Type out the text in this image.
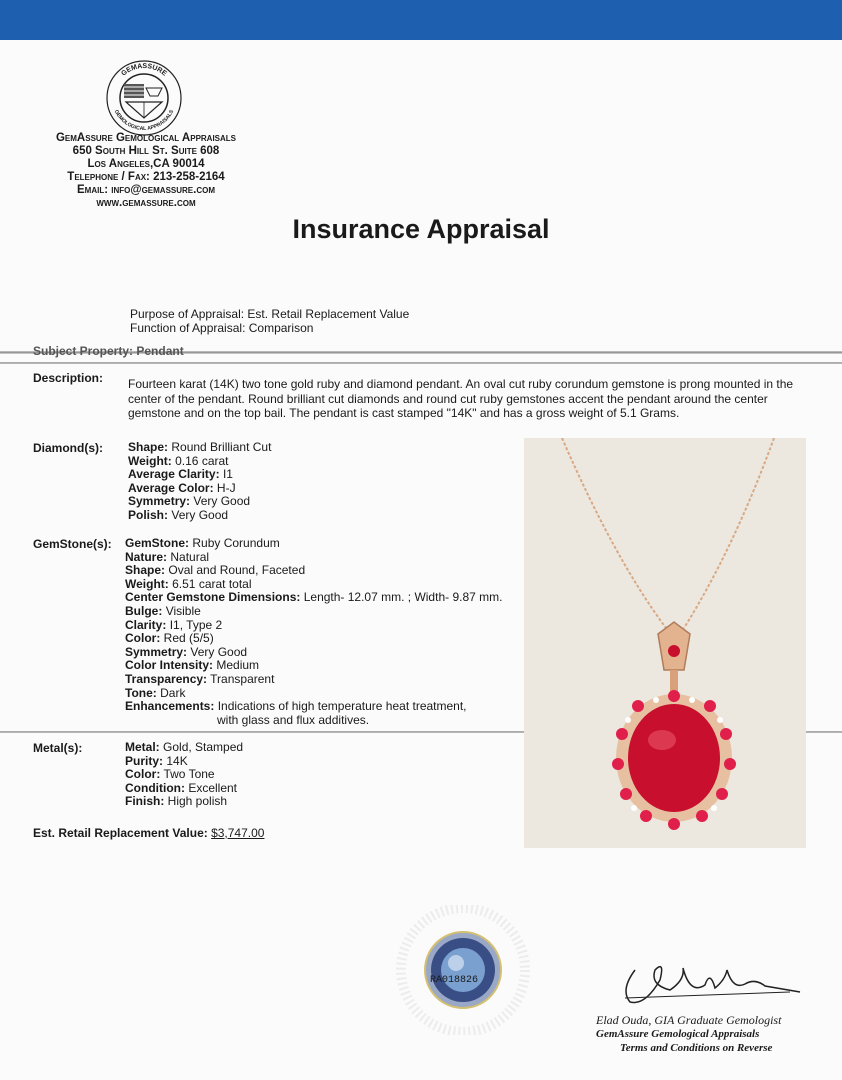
GEMASSURE
GEMOLOGICAL APPRAISALS
GemAssure Gemological Appraisals
650 South Hill St. Suite 608
Los Angeles,CA 90014
Telephone / Fax: 213-258-2164
Email: info@gemassure.com
www.gemassure.com
Insurance Appraisal
Purpose of Appraisal: Est. Retail Replacement Value
Function of Appraisal: Comparison
Subject Property: Pendant
Description: Fourteen karat (14K) two tone gold ruby and diamond pendant. An oval cut ruby corundum gemstone is prong mounted in the center of the pendant. Round brilliant cut diamonds and round cut ruby gemstones accent the pendant around the center gemstone and on the top bail. The pendant is cast stamped "14K" and has a gross weight of 5.1 Grams.
Diamond(s): Shape: Round Brilliant Cut
Weight: 0.16 carat
Average Clarity: I1
Average Color: H-J
Symmetry: Very Good
Polish: Very Good
GemStone(s): GemStone: Ruby Corundum
Nature: Natural
Shape: Oval and Round, Faceted
Weight: 6.51 carat total
Center Gemstone Dimensions: Length- 12.07 mm. ; Width- 9.87 mm.
Bulge: Visible
Clarity: I1, Type 2
Color: Red (5/5)
Symmetry: Very Good
Color Intensity: Medium
Transparency: Transparent
Tone: Dark
Enhancements: Indications of high temperature heat treatment,
with glass and flux additives.
Metal(s):	Metal: Gold, Stamped
Purity: 14K
Color: Two Tone
Condition: Excellent
Finish: High polish
Est. Retail Replacement Value: $3,747.00
RA018826
Elad Ouda, GIA Graduate Gemologist
GemAssure Gemological Appraisals
Terms and Conditions on Reverse
